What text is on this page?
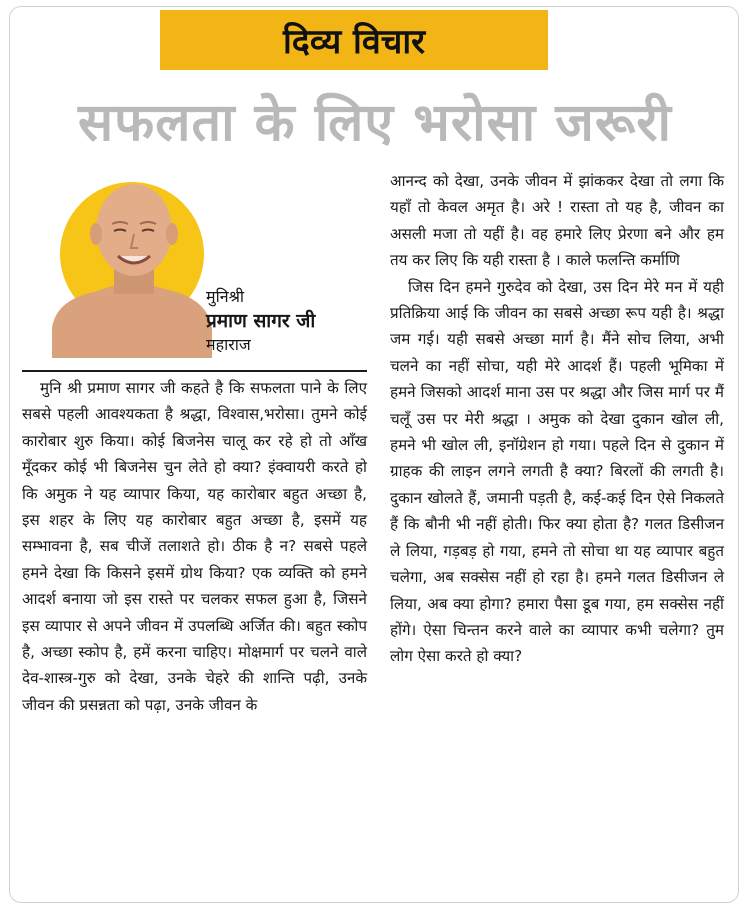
दिव्य विचार
सफलता के लिए भरोसा जरूरी
मुनिश्री
प्रमाण सागर जी
महाराज

मुनि श्री प्रमाण सागर जी कहते है कि सफलता पाने के लिए सबसे पहली आवश्यकता है श्रद्धा, विश्वास,भरोसा। तुमने कोई कारोबार शुरु किया। कोई बिजनेस चालू कर रहे हो तो आँख मूँदकर कोई भी बिजनेस चुन लेते हो क्या? इंक्वायरी करते हो कि अमुक ने यह व्यापार किया, यह कारोबार बहुत अच्छा है, इस शहर के लिए यह कारोबार बहुत अच्छा है, इसमें यह सम्भावना है, सब चीजें तलाशते हो। ठीक है न? सबसे पहले हमने देखा कि किसने इसमें ग्रोथ किया? एक व्यक्ति को हमने आदर्श बनाया जो इस रास्ते पर चलकर सफल हुआ है, जिसने इस व्यापार से अपने जीवन में उपलब्धि अर्जित की। बहुत स्कोप है, अच्छा स्कोप है, हमें करना चाहिए। मोक्षमार्ग पर चलने वाले देव-शास्त्र-गुरु को देखा, उनके चेहरे की शान्ति पढ़ी, उनके जीवन की प्रसन्नता को पढ़ा, उनके जीवन के

आनन्द को देखा, उनके जीवन में झांककर देखा तो लगा कि यहाँ तो केवल अमृत है। अरे ! रास्ता तो यह है, जीवन का असली मजा तो यहीं है। वह हमारे लिए प्रेरणा बने और हम तय कर लिए कि यही रास्ता है । काले फलन्ति कर्माणि

जिस दिन हमने गुरुदेव को देखा, उस दिन मेरे मन में यही प्रतिक्रिया आई कि जीवन का सबसे अच्छा रूप यही है। श्रद्धा जम गई। यही सबसे अच्छा मार्ग है। मैंने सोच लिया, अभी चलने का नहीं सोचा, यही मेरे आदर्श हैं। पहली भूमिका में हमने जिसको आदर्श माना उस पर श्रद्धा और जिस मार्ग पर मैं चलूँ उस पर मेरी श्रद्धा । अमुक को देखा दुकान खोल ली, हमने भी खोल ली, इनॉग्रेशन हो गया। पहले दिन से दुकान में ग्राहक की लाइन लगने लगती है क्या? बिरलों की लगती है। दुकान खोलते हैं, जमानी पड़ती है, कई-कई दिन ऐसे निकलते हैं कि बौनी भी नहीं होती। फिर क्या होता है? गलत डिसीजन ले लिया, गड़बड़ हो गया, हमने तो सोचा था यह व्यापार बहुत चलेगा, अब सक्सेस नहीं हो रहा है। हमने गलत डिसीजन ले लिया, अब क्या होगा? हमारा पैसा डूब गया, हम सक्सेस नहीं होंगे। ऐसा चिन्तन करने वाले का व्यापार कभी चलेगा? तुम लोग ऐसा करते हो क्या?
